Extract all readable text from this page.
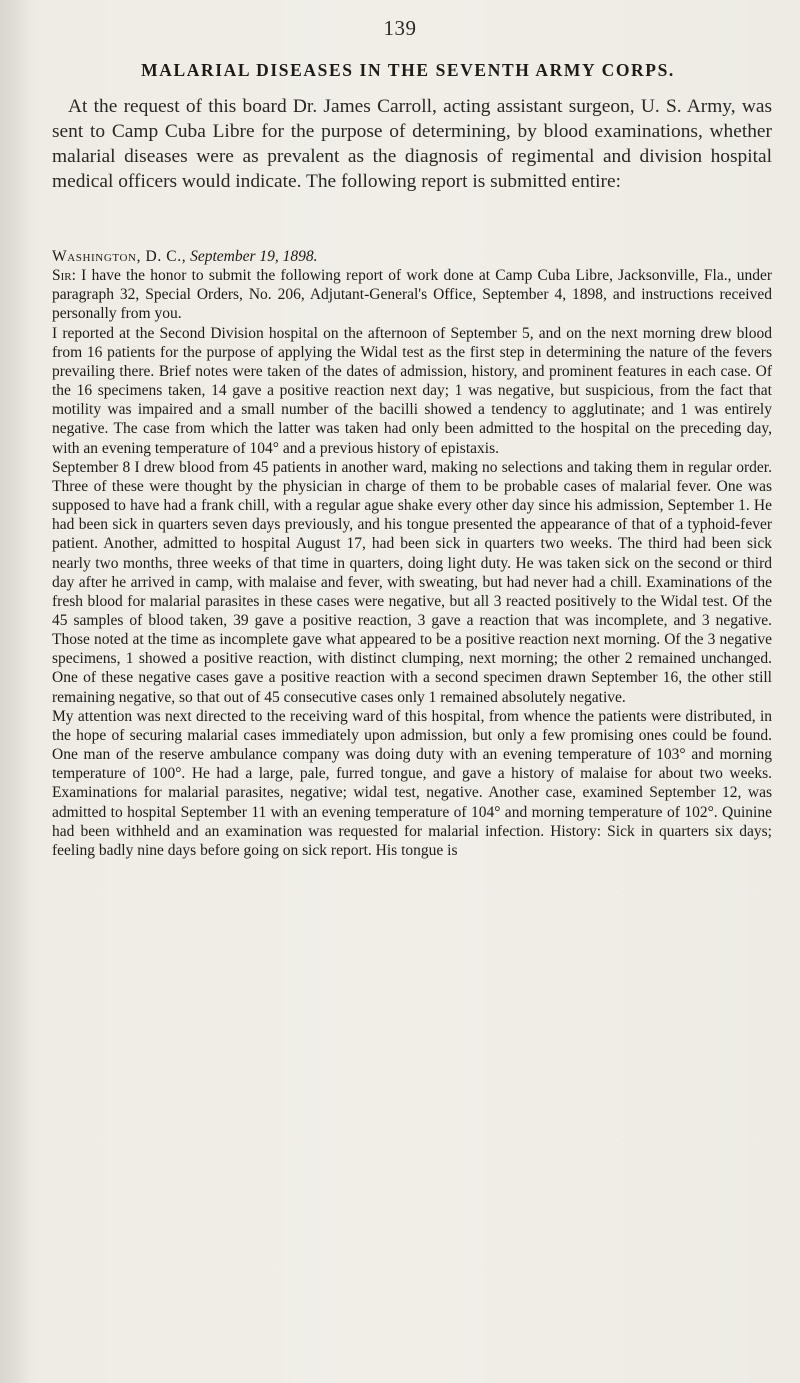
139
MALARIAL DISEASES IN THE SEVENTH ARMY CORPS.

At the request of this board Dr. James Carroll, acting assistant surgeon, U. S. Army, was sent to Camp Cuba Libre for the purpose of determining, by blood examinations, whether malarial diseases were as prevalent as the diagnosis of regimental and division hospital medical officers would indicate. The following report is submitted entire:

Washington, D. C., September 19, 1898.

Sir: I have the honor to submit the following report of work done at Camp Cuba Libre, Jacksonville, Fla., under paragraph 32, Special Orders, No. 206, Adjutant-General's Office, September 4, 1898, and instructions received personally from you.

I reported at the Second Division hospital on the afternoon of September 5, and on the next morning drew blood from 16 patients for the purpose of applying the Widal test as the first step in determining the nature of the fevers prevailing there. Brief notes were taken of the dates of admission, history, and prominent features in each case. Of the 16 specimens taken, 14 gave a positive reaction next day; 1 was negative, but suspicious, from the fact that motility was impaired and a small number of the bacilli showed a tendency to agglutinate; and 1 was entirely negative. The case from which the latter was taken had only been admitted to the hospital on the preceding day, with an evening temperature of 104° and a previous history of epistaxis.

September 8 I drew blood from 45 patients in another ward, making no selections and taking them in regular order. Three of these were thought by the physician in charge of them to be probable cases of malarial fever. One was supposed to have had a frank chill, with a regular ague shake every other day since his admission, September 1. He had been sick in quarters seven days previously, and his tongue presented the appearance of that of a typhoid-fever patient. Another, admitted to hospital August 17, had been sick in quarters two weeks. The third had been sick nearly two months, three weeks of that time in quarters, doing light duty. He was taken sick on the second or third day after he arrived in camp, with malaise and fever, with sweating, but had never had a chill. Examinations of the fresh blood for malarial parasites in these cases were negative, but all 3 reacted positively to the Widal test. Of the 45 samples of blood taken, 39 gave a positive reaction, 3 gave a reaction that was incomplete, and 3 negative. Those noted at the time as incomplete gave what appeared to be a positive reaction next morning. Of the 3 negative specimens, 1 showed a positive reaction, with distinct clumping, next morning; the other 2 remained unchanged. One of these negative cases gave a positive reaction with a second specimen drawn September 16, the other still remaining negative, so that out of 45 consecutive cases only 1 remained absolutely negative.

My attention was next directed to the receiving ward of this hospital, from whence the patients were distributed, in the hope of securing malarial cases immediately upon admission, but only a few promising ones could be found. One man of the reserve ambulance company was doing duty with an evening temperature of 103° and morning temperature of 100°. He had a large, pale, furred tongue, and gave a history of malaise for about two weeks. Examinations for malarial parasites, negative; widal test, negative. Another case, examined September 12, was admitted to hospital September 11 with an evening temperature of 104° and morning temperature of 102°. Quinine had been withheld and an examination was requested for malarial infection. History: Sick in quarters six days; feeling badly nine days before going on sick report. His tongue is
